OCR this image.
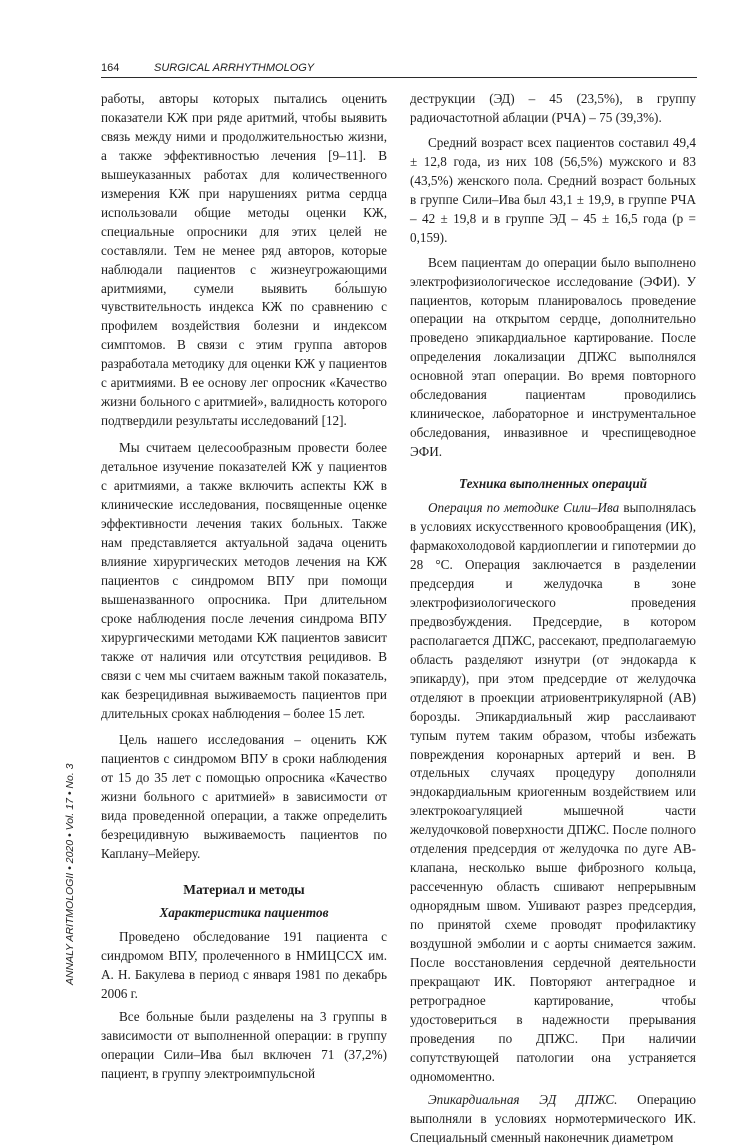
164	SURGICAL ARRHYTHMOLOGY
ANNALY ARITMOLOGII • 2020 • Vol. 17 • No. 3

работы, авторы которых пытались оценить показатели КЖ при ряде аритмий, чтобы выявить связь между ними и продолжительностью жизни, а также эффективностью лечения [9–11]. В вышеуказанных работах для количественного измерения КЖ при нарушениях ритма сердца использовали общие методы оценки КЖ, специальные опросники для этих целей не составляли. Тем не менее ряд авторов, которые наблюдали пациентов с жизнеугрожающими аритмиями, сумели выявить бо́льшую чувствительность индекса КЖ по сравнению с профилем воздействия болезни и индексом симптомов. В связи с этим группа авторов разработала методику для оценки КЖ у пациентов с аритмиями. В ее основу лег опросник «Качество жизни больного с аритмией», валидность которого подтвердили результаты исследований [12].

Мы считаем целесообразным провести более детальное изучение показателей КЖ у пациентов с аритмиями, а также включить аспекты КЖ в клинические исследования, посвященные оценке эффективности лечения таких больных. Также нам представляется актуальной задача оценить влияние хирургических методов лечения на КЖ пациентов с синдромом ВПУ при помощи вышеназванного опросника. При длительном сроке наблюдения после лечения синдрома ВПУ хирургическими методами КЖ пациентов зависит также от наличия или отсутствия рецидивов. В связи с чем мы считаем важным такой показатель, как безрецидивная выживаемость пациентов при длительных сроках наблюдения – более 15 лет.

Цель нашего исследования – оценить КЖ пациентов с синдромом ВПУ в сроки наблюдения от 15 до 35 лет с помощью опросника «Качество жизни больного с аритмией» в зависимости от вида проведенной операции, а также определить безрецидивную выживаемость пациентов по Каплану–Мейеру.

Материал и методы
Характеристика пациентов

Проведено обследование 191 пациента с синдромом ВПУ, пролеченного в НМИЦССХ им. А. Н. Бакулева в период с января 1981 по декабрь 2006 г.

Все больные были разделены на 3 группы в зависимости от выполненной операции: в группу операции Сили–Ива был включен 71 (37,2%) пациент, в группу электроимпульсной

деструкции (ЭД) – 45 (23,5%), в группу радиочастотной аблации (РЧА) – 75 (39,3%).

Средний возраст всех пациентов составил 49,4 ± 12,8 года, из них 108 (56,5%) мужского и 83 (43,5%) женского пола. Средний возраст больных в группе Сили–Ива был 43,1 ± 19,9, в группе РЧА – 42 ± 19,8 и в группе ЭД – 45 ± 16,5 года (p = 0,159).

Всем пациентам до операции было выполнено электрофизиологическое исследование (ЭФИ). У пациентов, которым планировалось проведение операции на открытом сердце, дополнительно проведено эпикардиальное картирование. После определения локализации ДПЖС выполнялся основной этап операции. Во время повторного обследования пациентам проводились клиническое, лабораторное и инструментальное обследования, инвазивное и чреспищеводное ЭФИ.

Техника выполненных операций

Операция по методике Сили–Ива выполнялась в условиях искусственного кровообращения (ИК), фармакохолодовой кардиоплегии и гипотермии до 28 °С. Операция заключается в разделении предсердия и желудочка в зоне электрофизиологического проведения предвозбуждения. Предсердие, в котором располагается ДПЖС, рассекают, предполагаемую область разделяют изнутри (от эндокарда к эпикарду), при этом предсердие от желудочка отделяют в проекции атриовентрикулярной (АВ) борозды. Эпикардиальный жир расслаивают тупым путем таким образом, чтобы избежать повреждения коронарных артерий и вен. В отдельных случаях процедуру дополняли эндокардиальным криогенным воздействием или электрокоагуляцией мышечной части желудочковой поверхности ДПЖС. После полного отделения предсердия от желудочка по дуге АВ-клапана, несколько выше фиброзного кольца, рассеченную область сшивают непрерывным однорядным швом. Ушивают разрез предсердия, по принятой схеме проводят профилактику воздушной эмболии и с аорты снимается зажим. После восстановления сердечной деятельности прекращают ИК. Повторяют антеградное и ретроградное картирование, чтобы удостовериться в надежности прерывания проведения по ДПЖС. При наличии сопутствующей патологии она устраняется одномоментно.

Эпикардиальная ЭД ДПЖС. Операцию выполняли в условиях нормотермического ИК. Специальный сменный наконечник диаметром
